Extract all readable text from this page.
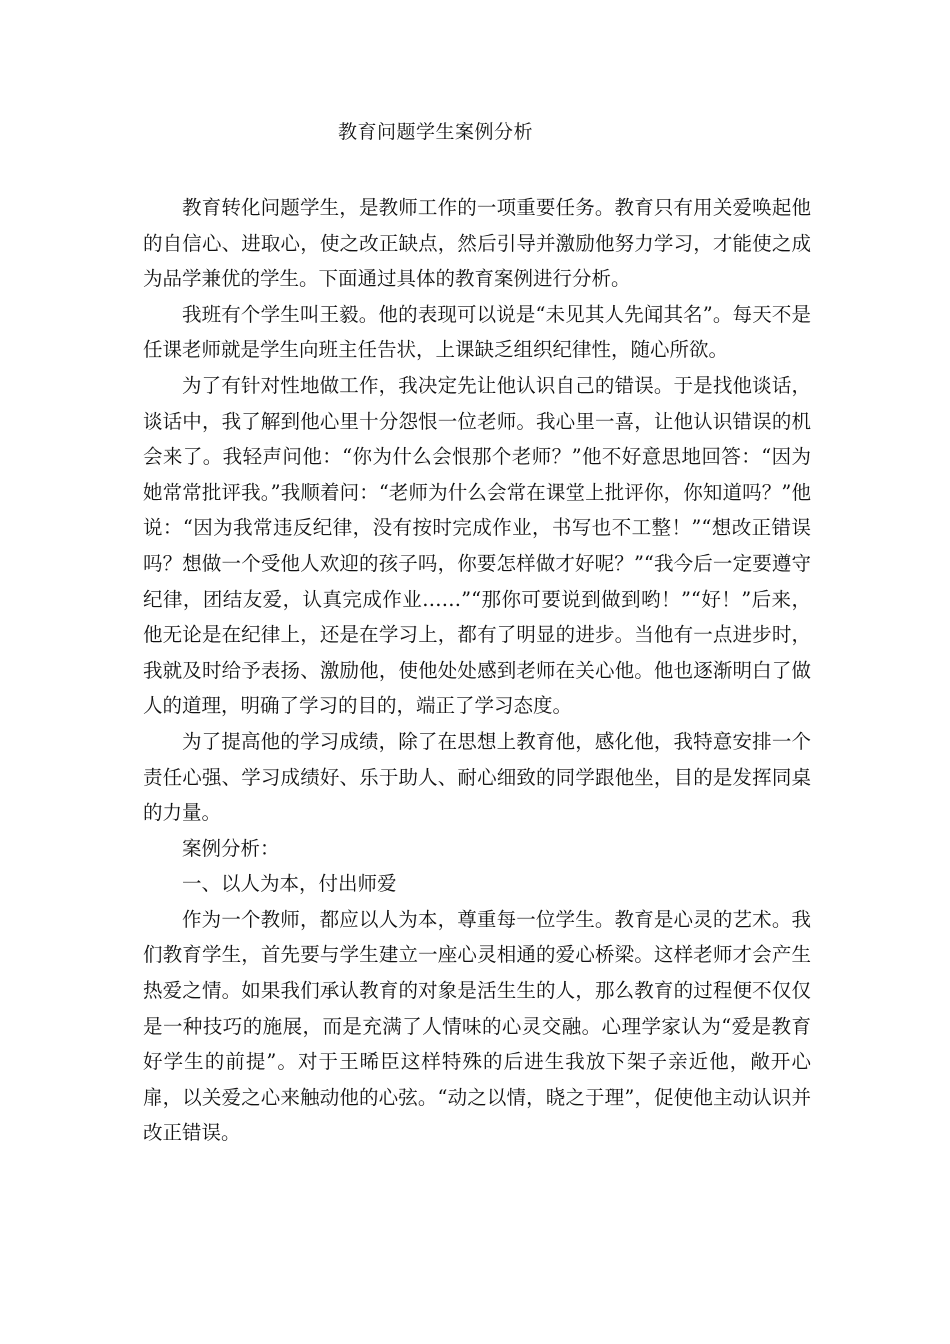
教育问题学生案例分析

教育转化问题学生，是教师工作的一项重要任务。教育只有用关爱唤起他的自信心、进取心，使之改正缺点，然后引导并激励他努力学习，才能使之成为品学兼优的学生。下面通过具体的教育案例进行分析。

我班有个学生叫王毅。他的表现可以说是“未见其人先闻其名”。每天不是任课老师就是学生向班主任告状，上课缺乏组织纪律性，随心所欲。

为了有针对性地做工作，我决定先让他认识自己的错误。于是找他谈话，谈话中，我了解到他心里十分怨恨一位老师。我心里一喜，让他认识错误的机会来了。我轻声问他：“你为什么会恨那个老师？”他不好意思地回答：“因为她常常批评我。”我顺着问：“老师为什么会常在课堂上批评你，你知道吗？”他说：“因为我常违反纪律，没有按时完成作业，书写也不工整！”“想改正错误吗？想做一个受他人欢迎的孩子吗，你要怎样做才好呢？”“我今后一定要遵守纪律，团结友爱，认真完成作业……”“那你可要说到做到哟！”“好！”后来，他无论是在纪律上，还是在学习上，都有了明显的进步。当他有一点进步时，我就及时给予表扬、激励他，使他处处感到老师在关心他。他也逐渐明白了做人的道理，明确了学习的目的，端正了学习态度。

为了提高他的学习成绩，除了在思想上教育他，感化他，我特意安排一个责任心强、学习成绩好、乐于助人、耐心细致的同学跟他坐，目的是发挥同桌的力量。

案例分析：

一、以人为本，付出师爱

作为一个教师，都应以人为本，尊重每一位学生。教育是心灵的艺术。我们教育学生，首先要与学生建立一座心灵相通的爱心桥梁。这样老师才会产生热爱之情。如果我们承认教育的对象是活生生的人，那么教育的过程便不仅仅是一种技巧的施展，而是充满了人情味的心灵交融。心理学家认为“爱是教育好学生的前提”。对于王晞臣这样特殊的后进生我放下架子亲近他，敞开心扉，以关爱之心来触动他的心弦。“动之以情，晓之于理”，促使他主动认识并改正错误。
